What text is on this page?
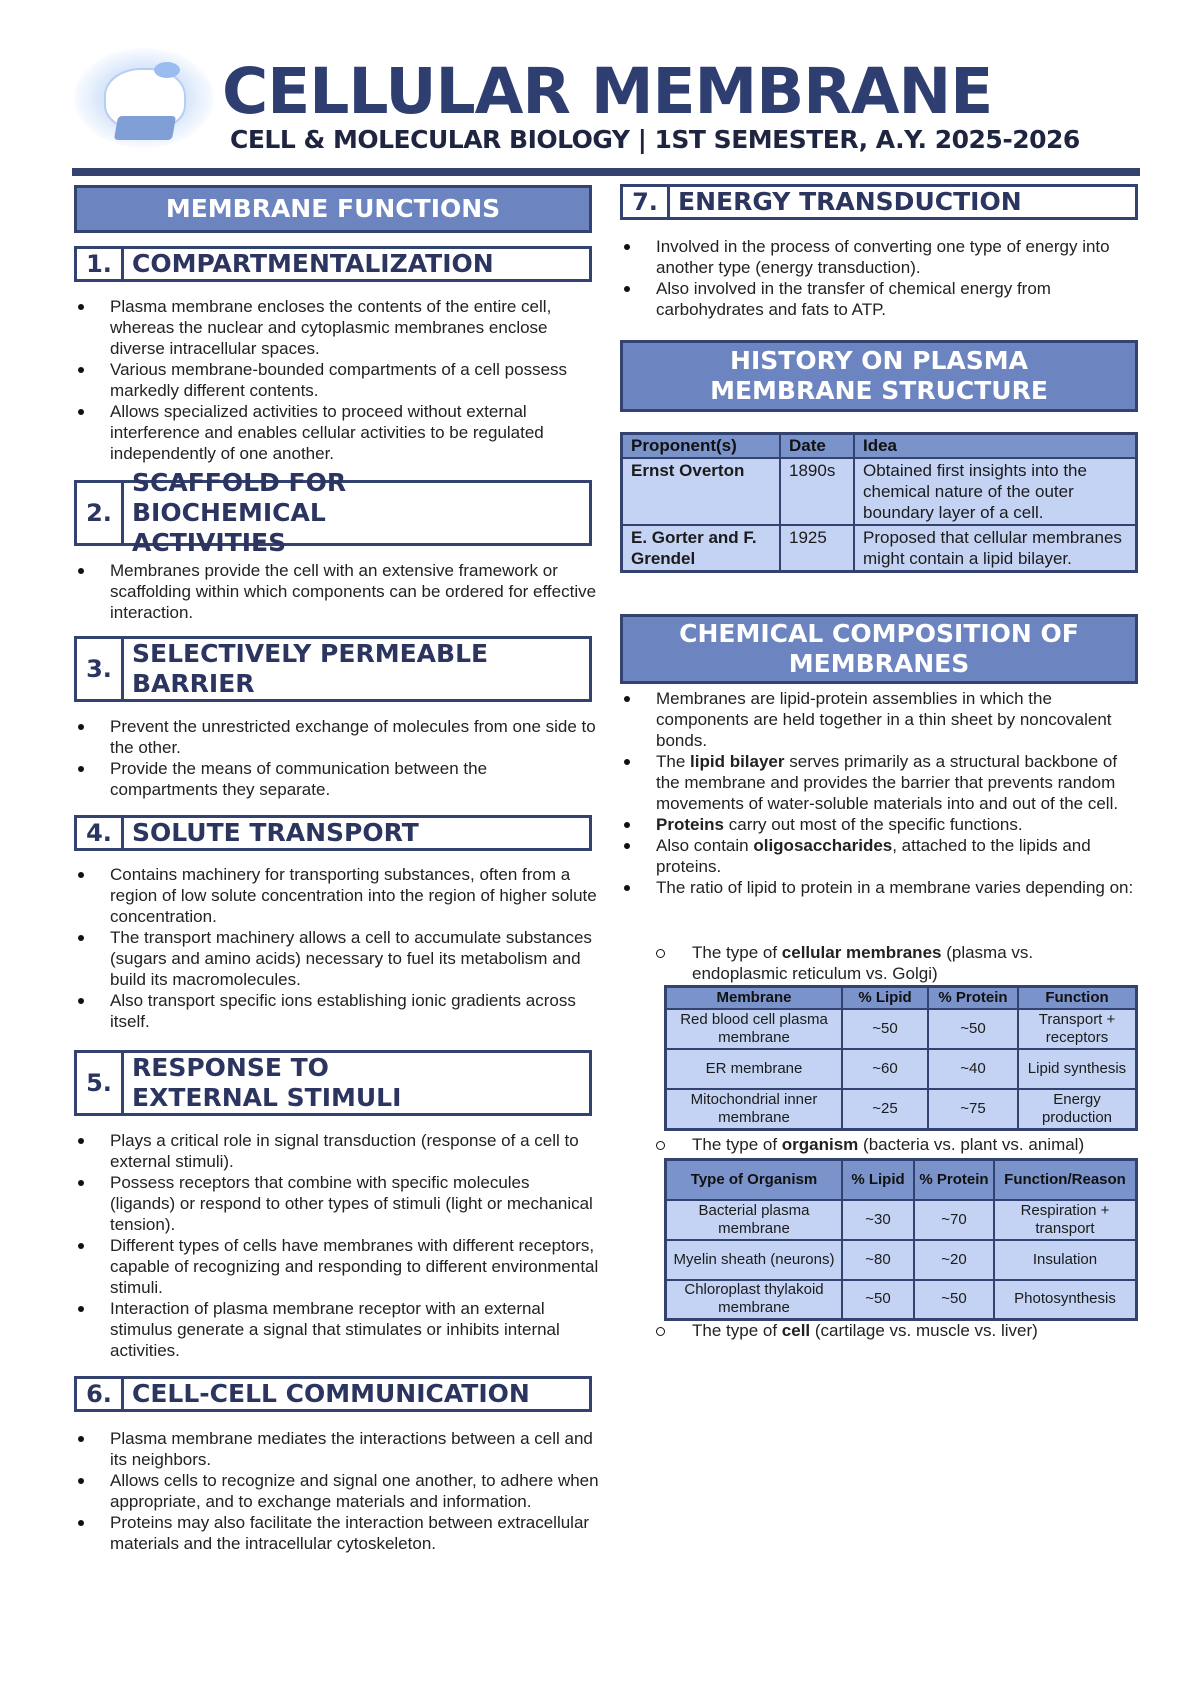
CELLULAR MEMBRANE
CELL & MOLECULAR BIOLOGY | 1ST SEMESTER, A.Y. 2025-2026
MEMBRANE FUNCTIONS
1. COMPARTMENTALIZATION
Plasma membrane encloses the contents of the entire cell, whereas the nuclear and cytoplasmic membranes enclose diverse intracellular spaces.
Various membrane-bounded compartments of a cell possess markedly different contents.
Allows specialized activities to proceed without external interference and enables cellular activities to be regulated independently of one another.
2.
SCAFFOLD FOR BIOCHEMICAL ACTIVITIES
Membranes provide the cell with an extensive framework or scaffolding within which components can be ordered for effective interaction.
3.
SELECTIVELY PERMEABLE BARRIER
Prevent the unrestricted exchange of molecules from one side to the other.
Provide the means of communication between the compartments they separate.
4. SOLUTE TRANSPORT
Contains machinery for transporting substances, often from a region of low solute concentration into the region of higher solute concentration.
The transport machinery allows a cell to accumulate substances (sugars and amino acids) necessary to fuel its metabolism and build its macromolecules.
Also transport specific ions establishing ionic gradients across itself.
5.
RESPONSE TO EXTERNAL STIMULI
Plays a critical role in signal transduction (response of a cell to external stimuli).
Possess receptors that combine with specific molecules (ligands) or respond to other types of stimuli (light or mechanical tension).
Different types of cells have membranes with different receptors, capable of recognizing and responding to different environmental stimuli.
Interaction of plasma membrane receptor with an external stimulus generate a signal that stimulates or inhibits internal activities.
6. CELL-CELL COMMUNICATION
Plasma membrane mediates the interactions between a cell and its neighbors.
Allows cells to recognize and signal one another, to adhere when appropriate, and to exchange materials and information.
Proteins may also facilitate the interaction between extracellular materials and the intracellular cytoskeleton.
7. ENERGY TRANSDUCTION
Involved in the process of converting one type of energy into another type (energy transduction).
Also involved in the transfer of chemical energy from carbohydrates and fats to ATP.
HISTORY ON PLASMA MEMBRANE STRUCTURE
Proponent(s)	Date	Idea
Ernst Overton	1890s	Obtained first insights into the chemical nature of the outer boundary layer of a cell.
E. Gorter and F. Grendel	1925	Proposed that cellular membranes might contain a lipid bilayer.
CHEMICAL COMPOSITION OF MEMBRANES
Membranes are lipid-protein assemblies in which the components are held together in a thin sheet by noncovalent bonds.
The lipid bilayer serves primarily as a structural backbone of the membrane and provides the barrier that prevents random movements of water-soluble materials into and out of the cell.
Proteins carry out most of the specific functions.
Also contain oligosaccharides, attached to the lipids and proteins.
The ratio of lipid to protein in a membrane varies depending on:
The type of cellular membranes (plasma vs. endoplasmic reticulum vs. Golgi)
Membrane	% Lipid	% Protein	Function
Red blood cell plasma membrane	~50	~50	Transport + receptors
ER membrane	~60	~40	Lipid synthesis
Mitochondrial inner membrane	~25	~75	Energy production
The type of organism (bacteria vs. plant vs. animal)
Type of Organism	% Lipid	% Protein	Function/Reason
Bacterial plasma membrane	~30	~70	Respiration + transport
Myelin sheath (neurons)	~80	~20	Insulation
Chloroplast thylakoid membrane	~50	~50	Photosynthesis
The type of cell (cartilage vs. muscle vs. liver)
